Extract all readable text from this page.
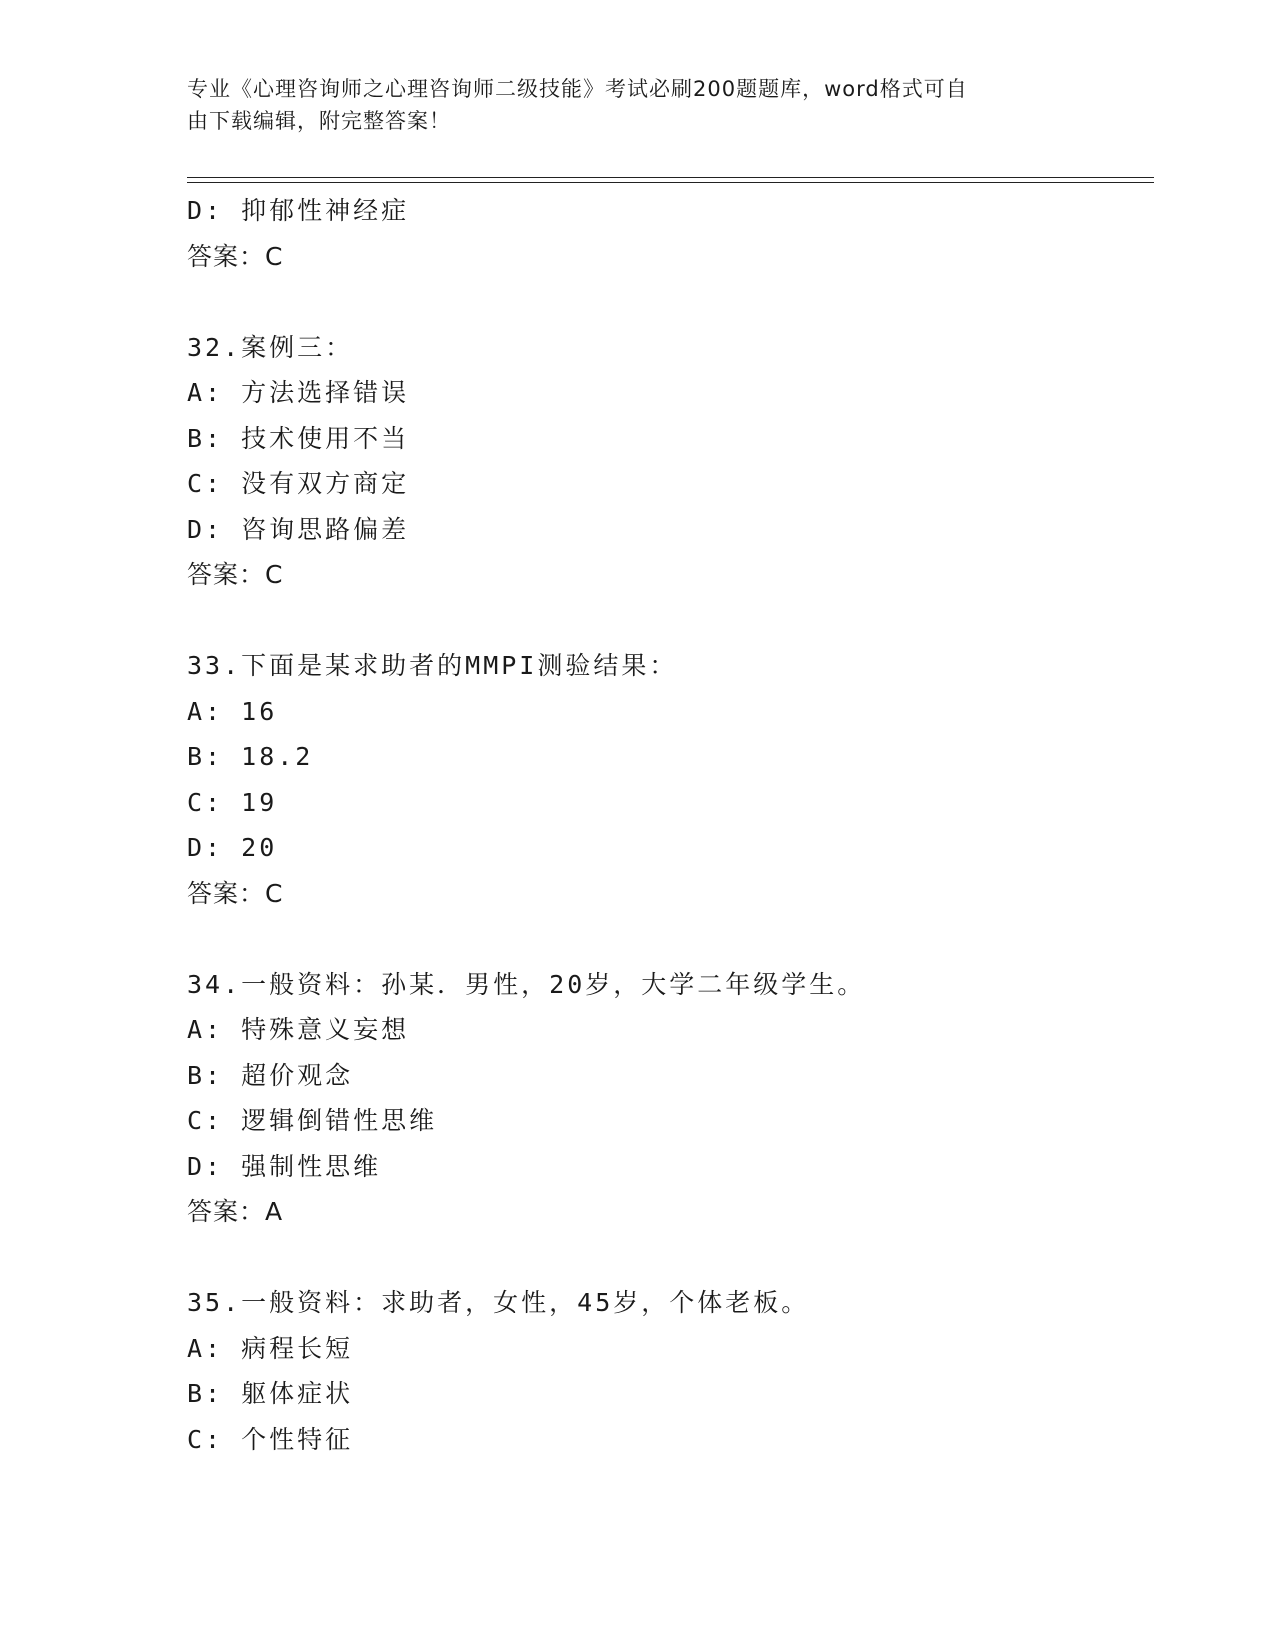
专业《心理咨询师之心理咨询师二级技能》考试必刷200题题库，word格式可自
由下载编辑，附完整答案！
D: 抑郁性神经症
答案：C
32.案例三：
A: 方法选择错误
B: 技术使用不当
C: 没有双方商定
D: 咨询思路偏差
答案：C
33.下面是某求助者的MMPI测验结果：
A: 16
B: 18.2
C: 19
D: 20
答案：C
34.一般资料：孙某．男性，20岁，大学二年级学生。
A: 特殊意义妄想
B: 超价观念
C: 逻辑倒错性思维
D: 强制性思维
答案：A
35.一般资料：求助者，女性，45岁，个体老板。
A: 病程长短
B: 躯体症状
C: 个性特征
